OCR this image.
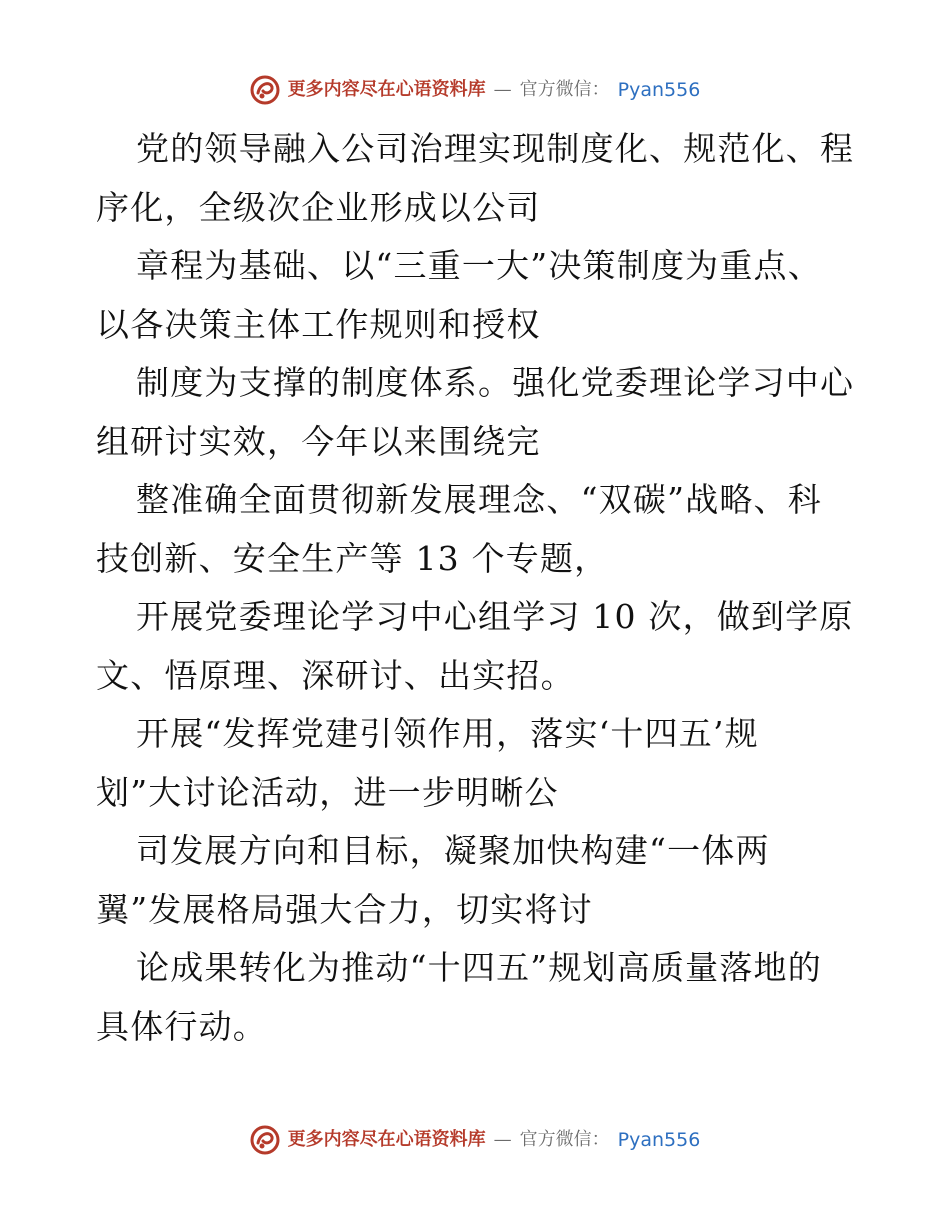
更多内容尽在心语资料库 — 官方微信： Pyan556
党的领导融入公司治理实现制度化、规范化、程
序化，全级次企业形成以公司
章程为基础、以“三重一大”决策制度为重点、
以各决策主体工作规则和授权
制度为支撑的制度体系。强化党委理论学习中心
组研讨实效，今年以来围绕完
整准确全面贯彻新发展理念、“双碳”战略、科
技创新、安全生产等 13 个专题，
开展党委理论学习中心组学习 10 次，做到学原
文、悟原理、深研讨、出实招。
开展“发挥党建引领作用，落实‘十四五’规
划”大讨论活动，进一步明晰公
司发展方向和目标，凝聚加快构建“一体两
翼”发展格局强大合力，切实将讨
论成果转化为推动“十四五”规划高质量落地的
具体行动。
更多内容尽在心语资料库 — 官方微信： Pyan556
